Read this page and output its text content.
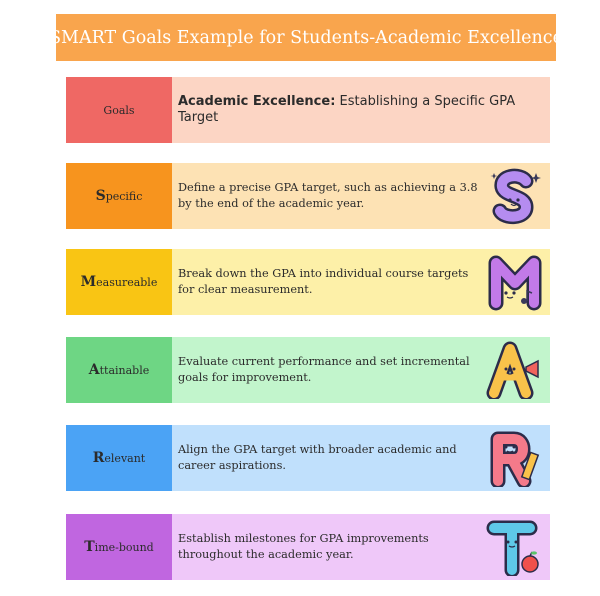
SMART Goals Example for Students-Academic Excellence
Goals
Academic Excellence: Establishing a Specific GPA Target
Specific
Define a precise GPA target, such as achieving a 3.8 by the end of the academic year.
Measureable
Break down the GPA into individual course targets for clear measurement.
Attainable
Evaluate current performance and set incremental goals for improvement.
Relevant
Align the GPA target with broader academic and career aspirations.
Time-bound
Establish milestones for GPA improvements throughout the academic year.
